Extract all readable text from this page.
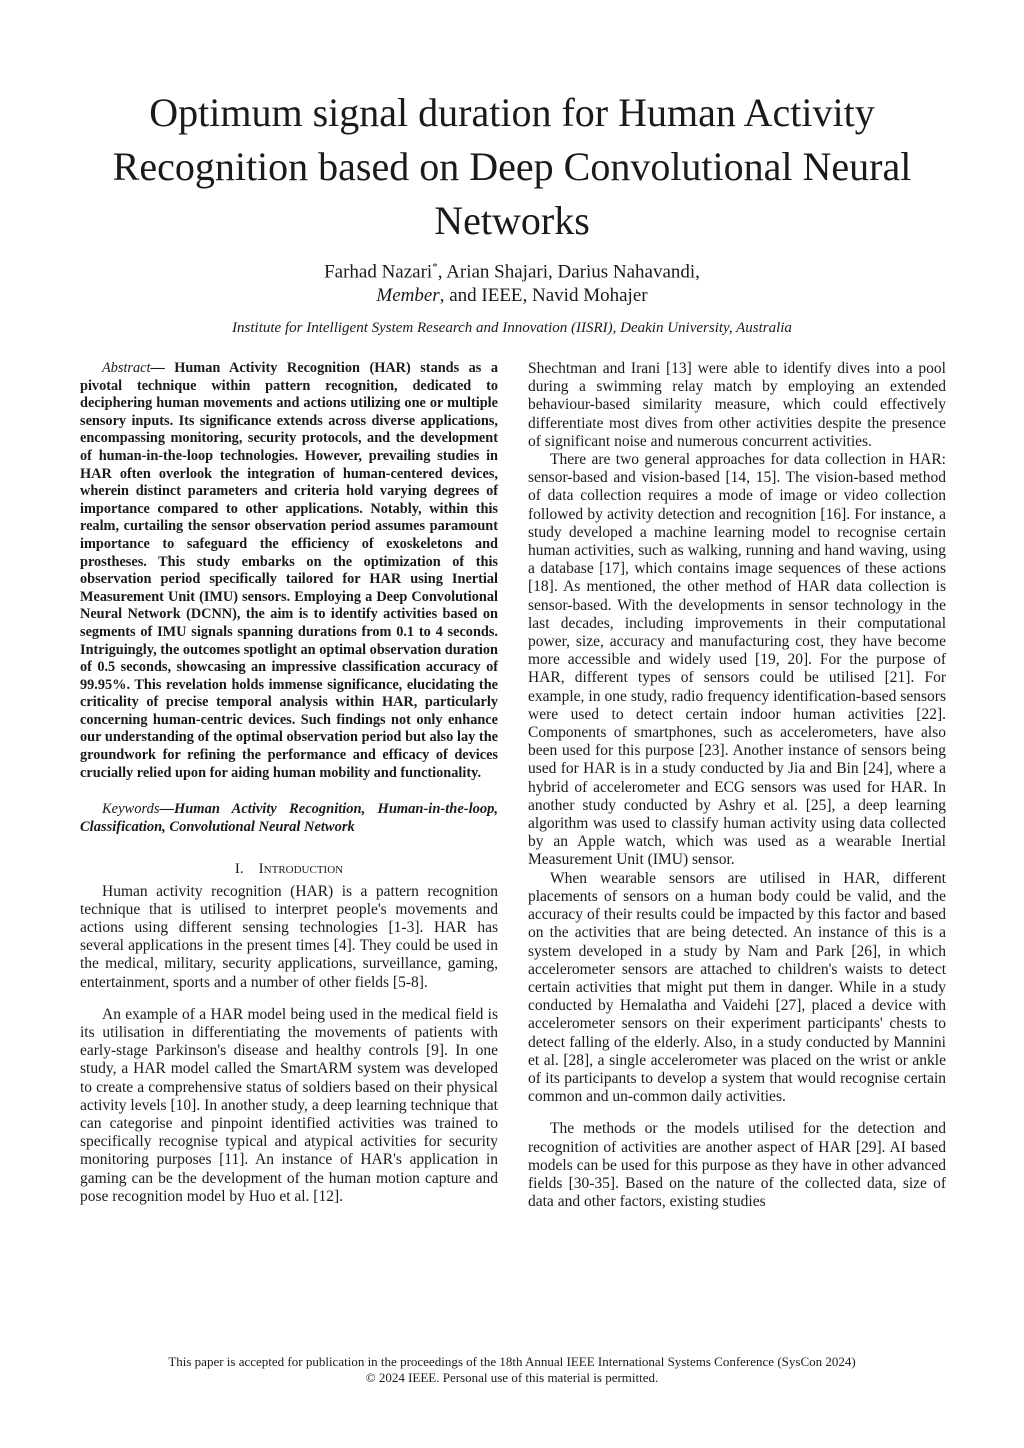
Optimum signal duration for Human Activity Recognition based on Deep Convolutional Neural Networks
Farhad Nazari*, Arian Shajari, Darius Nahavandi,
Member, and IEEE, Navid Mohajer
Institute for Intelligent System Research and Innovation (IISRI), Deakin University, Australia

Abstract— Human Activity Recognition (HAR) stands as a pivotal technique within pattern recognition, dedicated to deciphering human movements and actions utilizing one or multiple sensory inputs. Its significance extends across diverse applications, encompassing monitoring, security protocols, and the development of human-in-the-loop technologies. However, prevailing studies in HAR often overlook the integration of human-centered devices, wherein distinct parameters and criteria hold varying degrees of importance compared to other applications. Notably, within this realm, curtailing the sensor observation period assumes paramount importance to safeguard the efficiency of exoskeletons and prostheses. This study embarks on the optimization of this observation period specifically tailored for HAR using Inertial Measurement Unit (IMU) sensors. Employing a Deep Convolutional Neural Network (DCNN), the aim is to identify activities based on segments of IMU signals spanning durations from 0.1 to 4 seconds. Intriguingly, the outcomes spotlight an optimal observation duration of 0.5 seconds, showcasing an impressive classification accuracy of 99.95%. This revelation holds immense significance, elucidating the criticality of precise temporal analysis within HAR, particularly concerning human-centric devices. Such findings not only enhance our understanding of the optimal observation period but also lay the groundwork for refining the performance and efficacy of devices crucially relied upon for aiding human mobility and functionality.

Keywords—Human Activity Recognition, Human-in-the-loop, Classification, Convolutional Neural Network

I. Introduction

Human activity recognition (HAR) is a pattern recognition technique that is utilised to interpret people's movements and actions using different sensing technologies [1-3]. HAR has several applications in the present times [4]. They could be used in the medical, military, security applications, surveillance, gaming, entertainment, sports and a number of other fields [5-8].

An example of a HAR model being used in the medical field is its utilisation in differentiating the movements of patients with early-stage Parkinson's disease and healthy controls [9]. In one study, a HAR model called the SmartARM system was developed to create a comprehensive status of soldiers based on their physical activity levels [10]. In another study, a deep learning technique that can categorise and pinpoint identified activities was trained to specifically recognise typical and atypical activities for security monitoring purposes [11]. An instance of HAR's application in gaming can be the development of the human motion capture and pose recognition model by Huo et al. [12].

Shechtman and Irani [13] were able to identify dives into a pool during a swimming relay match by employing an extended behaviour-based similarity measure, which could effectively differentiate most dives from other activities despite the presence of significant noise and numerous concurrent activities.

There are two general approaches for data collection in HAR: sensor-based and vision-based [14, 15]. The vision-based method of data collection requires a mode of image or video collection followed by activity detection and recognition [16]. For instance, a study developed a machine learning model to recognise certain human activities, such as walking, running and hand waving, using a database [17], which contains image sequences of these actions [18]. As mentioned, the other method of HAR data collection is sensor-based. With the developments in sensor technology in the last decades, including improvements in their computational power, size, accuracy and manufacturing cost, they have become more accessible and widely used [19, 20]. For the purpose of HAR, different types of sensors could be utilised [21]. For example, in one study, radio frequency identification-based sensors were used to detect certain indoor human activities [22]. Components of smartphones, such as accelerometers, have also been used for this purpose [23]. Another instance of sensors being used for HAR is in a study conducted by Jia and Bin [24], where a hybrid of accelerometer and ECG sensors was used for HAR. In another study conducted by Ashry et al. [25], a deep learning algorithm was used to classify human activity using data collected by an Apple watch, which was used as a wearable Inertial Measurement Unit (IMU) sensor.

When wearable sensors are utilised in HAR, different placements of sensors on a human body could be valid, and the accuracy of their results could be impacted by this factor and based on the activities that are being detected. An instance of this is a system developed in a study by Nam and Park [26], in which accelerometer sensors are attached to children's waists to detect certain activities that might put them in danger. While in a study conducted by Hemalatha and Vaidehi [27], placed a device with accelerometer sensors on their experiment participants' chests to detect falling of the elderly. Also, in a study conducted by Mannini et al. [28], a single accelerometer was placed on the wrist or ankle of its participants to develop a system that would recognise certain common and un-common daily activities.

The methods or the models utilised for the detection and recognition of activities are another aspect of HAR [29]. AI based models can be used for this purpose as they have in other advanced fields [30-35]. Based on the nature of the collected data, size of data and other factors, existing studies

This paper is accepted for publication in the proceedings of the 18th Annual IEEE International Systems Conference (SysCon 2024)
© 2024 IEEE. Personal use of this material is permitted.
